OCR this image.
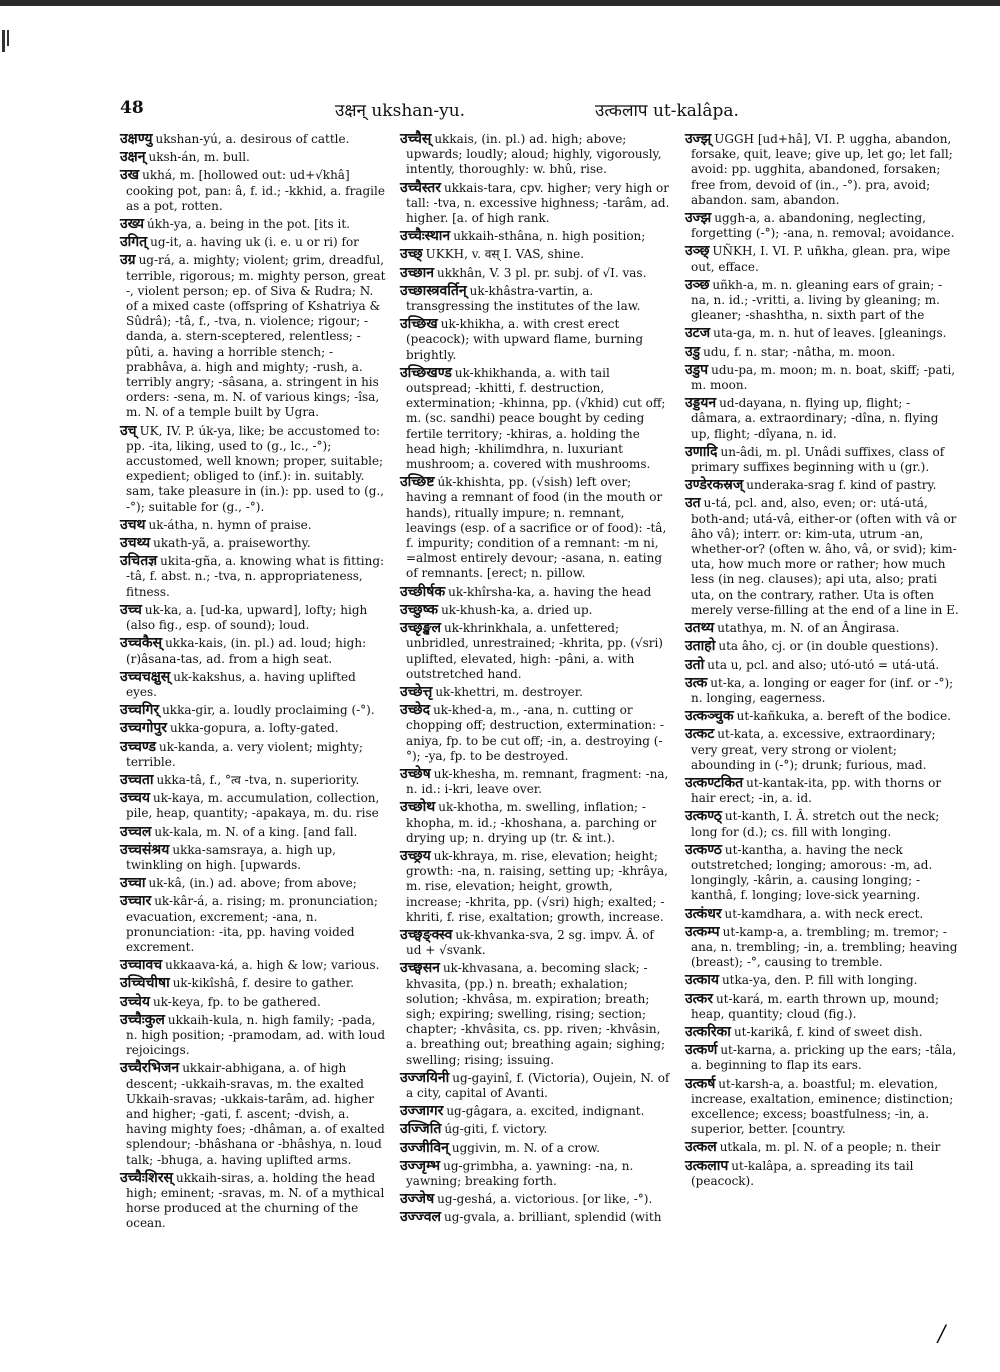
48	उक्षन् ukshan-yu.	उत्कलाप ut-kalâpa.

उक्षण्यु ukshan-yú, a. desirous of cattle.

उक्षन् uksh-án, m. bull.

उख ukhá, m. [hollowed out: ud+√khâ] cooking pot, pan: â, f. id.; -kkhid, a. fragile as a pot, rotten.

उख्य úkh-ya, a. being in the pot. [its it.

उगित् ug-it, a. having uk (i. e. u or ri) for

उग्र ug-rá, a. mighty; violent; grim, dreadful, terrible, rigorous; m. mighty person, great -, violent person; ep. of Siva & Rudra; N. of a mixed caste (offspring of Kshatriya & Sûdrâ); -tâ, f., -tva, n. violence; rigour; -danda, a. stern-sceptered, relentless; -pûti, a. having a horrible stench; -prabhâva, a. high and mighty; -rush, a. terribly angry; -sâsana, a. stringent in his orders: -sena, m. N. of various kings; -îsa, m. N. of a temple built by Ugra.

उच् UK, IV. P. úk-ya, like; be accustomed to: pp. -ita, liking, used to (g., lc., -°); accustomed, well known; proper, suitable; expedient; obliged to (inf.): in. suitably. sam, take pleasure in (in.): pp. used to (g., -°); suitable for (g., -°).

उचथ uk-átha, n. hymn of praise.

उचथ्य ukath-yã, a. praiseworthy.

उचितज्ञ ukita-gña, a. knowing what is fitting: -tâ, f. abst. n.; -tva, n. appropriateness, fitness.

उच्च uk-ka, a. [ud-ka, upward], lofty; high (also fig., esp. of sound); loud.

उच्चकैस् ukka-kais, (in. pl.) ad. loud; high: (r)âsana-tas, ad. from a high seat.

उच्चचक्षुस् uk-kakshus, a. having uplifted eyes.

उच्चगिर् ukka-gir, a. loudly proclaiming (-°).

उच्चगोपुर ukka-gopura, a. lofty-gated.

उच्चण्ड uk-kanda, a. very violent; mighty; terrible.

उच्चता ukka-tâ, f., °त्व -tva, n. superiority.

उच्चय uk-kaya, m. accumulation, collection, pile, heap, quantity; -apakaya, m. du. rise

उच्चल uk-kala, m. N. of a king. [and fall.

उच्चसंश्रय ukka-samsraya, a. high up, twinkling on high. [upwards.

उच्चा uk-kâ, (in.) ad. above; from above;

उच्चार uk-kâr-á, a. rising; m. pronunciation; evacuation, excrement; -ana, n. pronunciation: -ita, pp. having voided excrement.

उच्चावच ukkaava-ká, a. high & low; various.

उच्चिचीषा uk-kikîshâ, f. desire to gather.

उच्चेय uk-keya, fp. to be gathered.

उच्चैःकुल ukkaih-kula, n. high family; -pada, n. high position; -pramodam, ad. with loud rejoicings.

उच्चैरभिजन ukkair-abhigana, a. of high descent; -ukkaih-sravas, m. the exalted Ukkaih-sravas; -ukkais-tarâm, ad. higher and higher; -gati, f. ascent; -dvish, a. having mighty foes; -dhâman, a. of exalted splendour; -bhâshana or -bhâshya, n. loud talk; -bhuga, a. having uplifted arms.

उच्चैःशिरस् ukkaih-siras, a. holding the head high; eminent; -sravas, m. N. of a mythical horse produced at the churning of the ocean.

उच्चैस् ukkais, (in. pl.) ad. high; above; upwards; loudly; aloud; highly, vigorously, intently, thoroughly: w. bhû, rise.

उच्चैस्तर ukkais-tara, cpv. higher; very high or tall: -tva, n. excessive highness; -tarâm, ad. higher. [a. of high rank.

उच्चैःस्थान ukkaih-sthâna, n. high position;

उच्छ् UKKH, v. वस् I. VAS, shine.

उच्छान ukkhân, V. 3 pl. pr. subj. of √I. vas.

उच्छास्त्रवर्तिन् uk-khâstra-vartin, a. transgressing the institutes of the law.

उच्छिख uk-khikha, a. with crest erect (peacock); with upward flame, burning brightly.

उच्छिखण्ड uk-khikhanda, a. with tail outspread; -khitti, f. destruction, extermination; -khinna, pp. (√khid) cut off; m. (sc. sandhi) peace bought by ceding fertile territory; -khiras, a. holding the head high; -khilimdhra, n. luxuriant mushroom; a. covered with mushrooms.

उच्छिष्ट úk-khishta, pp. (√sish) left over; having a remnant of food (in the mouth or hands), ritually impure; n. remnant, leavings (esp. of a sacrifice or of food): -tâ, f. impurity; condition of a remnant: -m ni, =almost entirely devour; -asana, n. eating of remnants. [erect; n. pillow.

उच्छीर्षक uk-khîrsha-ka, a. having the head

उच्छुष्क uk-khush-ka, a. dried up.

उच्छृङ्खल uk-khrinkhala, a. unfettered; unbridled, unrestrained; -khrita, pp. (√sri) uplifted, elevated, high: -pâni, a. with outstretched hand.

उच्छेत्तृ uk-khettri, m. destroyer.

उच्छेद uk-khed-a, m., -ana, n. cutting or chopping off; destruction, extermination: -aniya, fp. to be cut off; -in, a. destroying (-°); -ya, fp. to be destroyed.

उच्छेष uk-khesha, m. remnant, fragment: -na, n. id.: i-kri, leave over.

उच्छोथ uk-khotha, m. swelling, inflation; -khopha, m. id.; -khoshana, a. parching or drying up; n. drying up (tr. & int.).

उच्छ्रय uk-khraya, m. rise, elevation; height; growth: -na, n. raising, setting up; -khrâya, m. rise, elevation; height, growth, increase; -khrita, pp. (√sri) high; exalted; -khriti, f. rise, exaltation; growth, increase.

उच्छ्वङ्क्स्व uk-khvanka-sva, 2 sg. impv. Â. of ud + √svank.

उच्छ्वसन uk-khvasana, a. becoming slack; -khvasita, (pp.) n. breath; exhalation; solution; -khvâsa, m. expiration; breath; sigh; expiring; swelling, rising; section; chapter; -khvâsita, cs. pp. riven; -khvâsin, a. breathing out; breathing again; sighing; swelling; rising; issuing.

उज्जयिनी ug-gayinî, f. (Victoria), Oujein, N. of a city, capital of Avanti.

उज्जागर ug-gâgara, a. excited, indignant.

उज्जिति úg-giti, f. victory.

उज्जीविन् uggivin, m. N. of a crow.

उज्जृम्भ ug-grimbha, a. yawning: -na, n. yawning; breaking forth.

उज्जेष ug-geshá, a. victorious. [or like, -°).

उज्ज्वल ug-gvala, a. brilliant, splendid (with

उज्झ् UGGH [ud+hâ], VI. P. uggha, abandon, forsake, quit, leave; give up, let go; let fall; avoid: pp. ugghita, abandoned, forsaken; free from, devoid of (in., -°). pra, avoid; abandon. sam, abandon.

उज्झ uggh-a, a. abandoning, neglecting, forgetting (-°); -ana, n. removal; avoidance.

उञ्छ् UÑKH, I. VI. P. uñkha, glean. pra, wipe out, efface.

उञ्छ uñkh-a, m. n. gleaning ears of grain; -na, n. id.; -vritti, a. living by gleaning; m. gleaner; -shashtha, n. sixth part of the

उटज uta-ga, m. n. hut of leaves. [gleanings.

उडु udu, f. n. star; -nâtha, m. moon.

उडुप udu-pa, m. moon; m. n. boat, skiff; -pati, m. moon.

उड्डयन ud-dayana, n. flying up, flight; -dâmara, a. extraordinary; -dîna, n. flying up, flight; -dîyana, n. id.

उणादि un-âdi, m. pl. Unâdi suffixes, class of primary suffixes beginning with u (gr.).

उण्डेरकस्रज् underaka-srag f. kind of pastry.

उत u-tá, pcl. and, also, even; or: utá-utá, both-and; utá-vâ, either-or (often with vâ or âho vâ); interr. or: kim-uta, utrum -an, whether-or? (often w. âho, vâ, or svid); kim-uta, how much more or rather; how much less (in neg. clauses); api uta, also; prati uta, on the contrary, rather. Uta is often merely verse-filling at the end of a line in E.

उतथ्य utathya, m. N. of an Ângirasa.

उताहो uta âho, cj. or (in double questions).

उतो uta u, pcl. and also; utó-utó = utá-utá.

उत्क ut-ka, a. longing or eager for (inf. or -°); n. longing, eagerness.

उत्कञ्चुक ut-kañkuka, a. bereft of the bodice.

उत्कट ut-kata, a. excessive, extraordinary; very great, very strong or violent; abounding in (-°); drunk; furious, mad.

उत्कण्टकित ut-kantak-ita, pp. with thorns or hair erect; -in, a. id.

उत्कण्ठ् ut-kanth, I. Â. stretch out the neck; long for (d.); cs. fill with longing.

उत्कण्ठ ut-kantha, a. having the neck outstretched; longing; amorous: -m, ad. longingly, -kârin, a. causing longing; -kanthâ, f. longing; love-sick yearning.

उत्कंधर ut-kamdhara, a. with neck erect.

उत्कम्प ut-kamp-a, a. trembling; m. tremor; -ana, n. trembling; -in, a. trembling; heaving (breast); -°, causing to tremble.

उत्काय utka-ya, den. P. fill with longing.

उत्कर ut-kará, m. earth thrown up, mound; heap, quantity; cloud (fig.).

उत्करिका ut-karikâ, f. kind of sweet dish.

उत्कर्ण ut-karna, a. pricking up the ears; -tâla, a. beginning to flap its ears.

उत्कर्ष ut-karsh-a, a. boastful; m. elevation, increase, exaltation, eminence; distinction; excellence; excess; boastfulness; -in, a. superior, better. [country.

उत्कल utkala, m. pl. N. of a people; n. their

उत्कलाप ut-kalâpa, a. spreading its tail (peacock).

/
